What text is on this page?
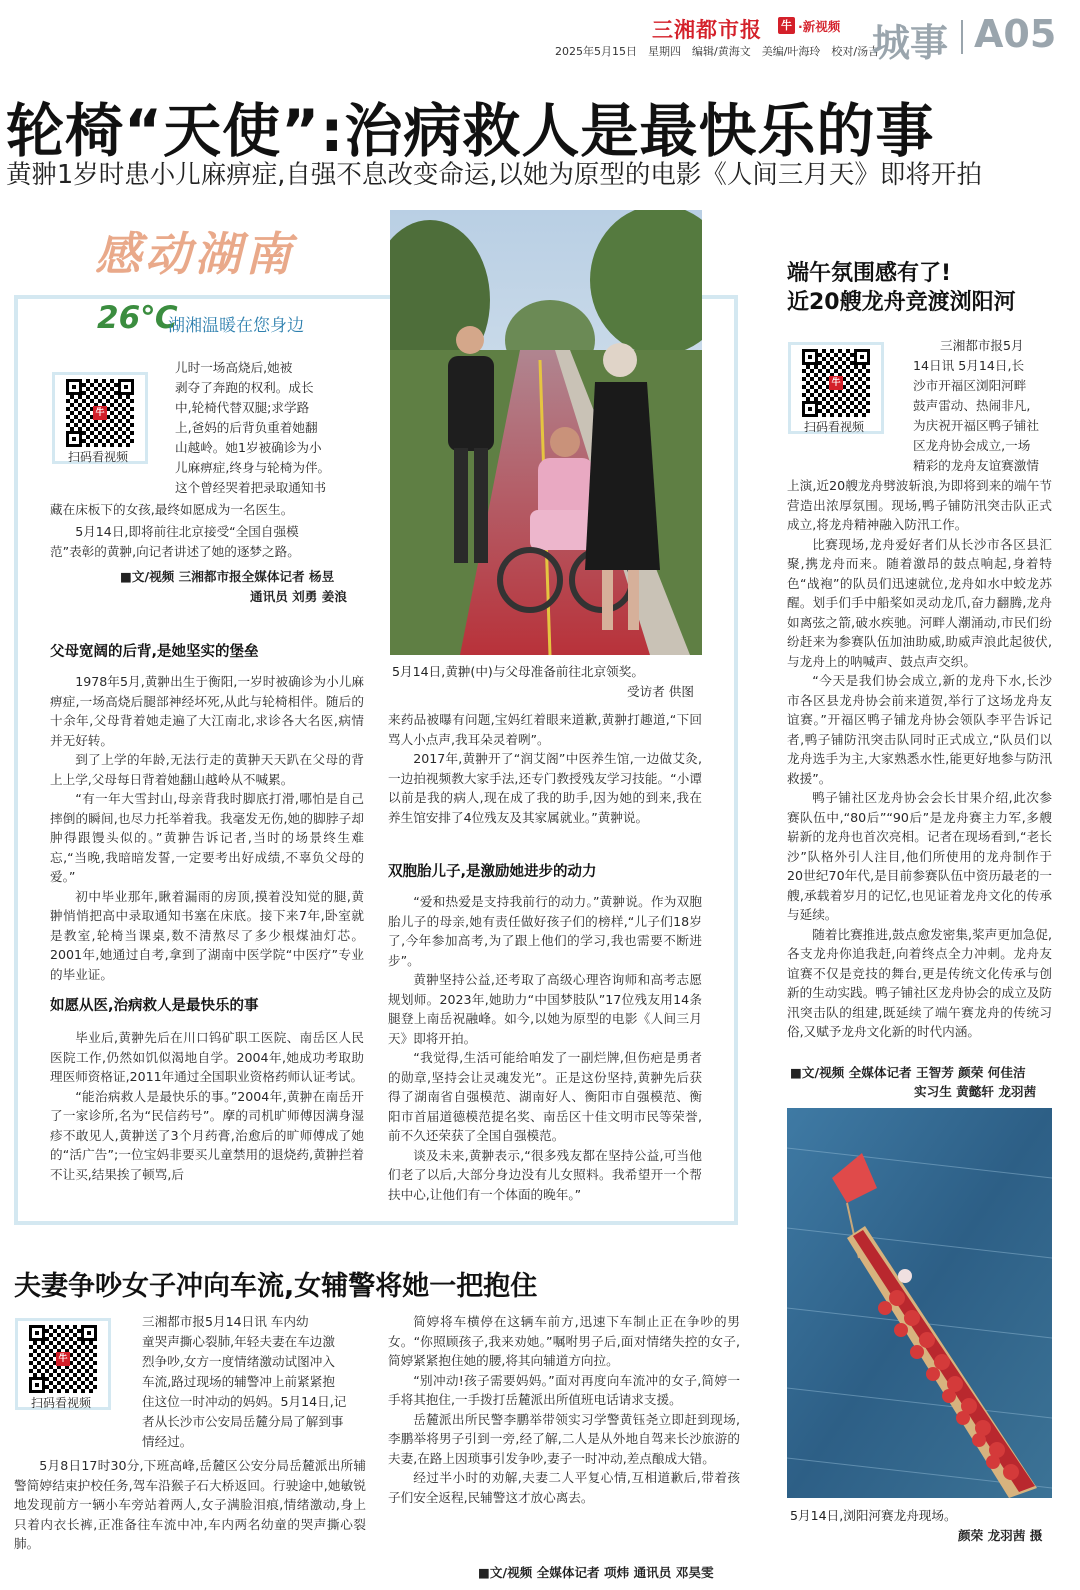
三湘都市报 牛 ·新视频
2025年5月15日　星期四　编辑/黄海文　美编/叶海玲　校对/汤吉
城事 A05
轮椅“天使”:治病救人是最快乐的事
黄翀1岁时患小儿麻痹症,自强不息改变命运,以她为原型的电影《人间三月天》即将开拍
感动湖南
26℃
湖湘温暖在您身边
牛
扫码看视频
儿时一场高烧后,她被
剥夺了奔跑的权利。成长
中,轮椅代替双腿;求学路
上,爸妈的后背负重着她翻
山越岭。她1岁被确诊为小
儿麻痹症,终身与轮椅为伴。
这个曾经哭着把录取通知书
藏在床板下的女孩,最终如愿成为一名医生。
5月14日,即将前往北京接受“全国自强模
范”表彰的黄翀,向记者讲述了她的逐梦之路。
■文/视频 三湘都市报全媒体记者 杨昱
通讯员 刘勇 姜浪
5月14日,黄翀(中)与父母准备前往北京领奖。
受访者 供图
父母宽阔的后背,是她坚实的堡垒

1978年5月,黄翀出生于衡阳,一岁时被确诊为小儿麻痹症,一场高烧后腿部神经坏死,从此与轮椅相伴。随后的十余年,父母背着她走遍了大江南北,求诊各大名医,病情并无好转。

到了上学的年龄,无法行走的黄翀天天趴在父母的背上上学,父母每日背着她翻山越岭从不喊累。

“有一年大雪封山,母亲背我时脚底打滑,哪怕是自己摔倒的瞬间,也尽力托举着我。我毫发无伤,她的脚脖子却肿得跟馒头似的。”黄翀告诉记者,当时的场景终生难忘,“当晚,我暗暗发誓,一定要考出好成绩,不辜负父母的爱。”

初中毕业那年,瞅着漏雨的房顶,摸着没知觉的腿,黄翀悄悄把高中录取通知书塞在床底。接下来7年,卧室就是教室,轮椅当课桌,数不清熬尽了多少根煤油灯芯。2001年,她通过自考,拿到了湖南中医学院“中医疗”专业的毕业证。

如愿从医,治病救人是最快乐的事

毕业后,黄翀先后在川口钨矿职工医院、南岳区人民医院工作,仍然如饥似渴地自学。2004年,她成功考取助理医师资格证,2011年通过全国职业资格药师认证考试。

“能治病救人是最快乐的事。”2004年,黄翀在南岳开了一家诊所,名为“民信药号”。摩的司机旷师傅因满身湿疹不敢见人,黄翀送了3个月药膏,治愈后的旷师傅成了她的“活广告”;一位宝妈非要买儿童禁用的退烧药,黄翀拦着不让买,结果挨了顿骂,后

来药品被曝有问题,宝妈红着眼来道歉,黄翀打趣道,“下回骂人小点声,我耳朵灵着咧”。

2017年,黄翀开了“润艾阁”中医养生馆,一边做艾灸,一边拍视频教大家手法,还专门教授残友学习技能。“小谭以前是我的病人,现在成了我的助手,因为她的到来,我在养生馆安排了4位残友及其家属就业。”黄翀说。

双胞胎儿子,是激励她进步的动力

“爱和热爱是支持我前行的动力。”黄翀说。作为双胞胎儿子的母亲,她有责任做好孩子们的榜样,“儿子们18岁了,今年参加高考,为了跟上他们的学习,我也需要不断进步”。

黄翀坚持公益,还考取了高级心理咨询师和高考志愿规划师。2023年,她助力“中国梦肢队”17位残友用14条腿登上南岳祝融峰。如今,以她为原型的电影《人间三月天》即将开拍。

“我觉得,生活可能给咱发了一副烂牌,但伤疤是勇者的勋章,坚持会让灵魂发光”。正是这份坚持,黄翀先后获得了湖南省自强模范、湖南好人、衡阳市自强模范、衡阳市首届道德模范提名奖、南岳区十佳文明市民等荣誉,前不久还荣获了全国自强模范。

谈及未来,黄翀表示,“很多残友都在坚持公益,可当他们老了以后,大部分身边没有儿女照料。我希望开一个帮扶中心,让他们有一个体面的晚年。”

端午氛围感有了!
近20艘龙舟竞渡浏阳河
牛
扫码看视频
三湘都市报5月
14日讯 5月14日,长
沙市开福区浏阳河畔
鼓声雷动、热闹非凡,
为庆祝开福区鸭子铺社
区龙舟协会成立,一场
精彩的龙舟友谊赛激情

上演,近20艘龙舟劈波斩浪,为即将到来的端午节营造出浓厚氛围。现场,鸭子铺防汛突击队正式成立,将龙舟精神融入防汛工作。

比赛现场,龙舟爱好者们从长沙市各区县汇聚,携龙舟而来。随着激昂的鼓点响起,身着特色“战袍”的队员们迅速就位,龙舟如水中蛟龙苏醒。划手们手中船桨如灵动龙爪,奋力翻腾,龙舟如离弦之箭,破水疾驰。河畔人潮涌动,市民们纷纷赶来为参赛队伍加油助威,助威声浪此起彼伏,与龙舟上的呐喊声、鼓点声交织。

“今天是我们协会成立,新的龙舟下水,长沙市各区县龙舟协会前来道贺,举行了这场龙舟友谊赛。”开福区鸭子铺龙舟协会领队李平告诉记者,鸭子铺防汛突击队同时正式成立,“队员们以龙舟选手为主,大家熟悉水性,能更好地参与防汛救援”。

鸭子铺社区龙舟协会会长甘果介绍,此次参赛队伍中,“80后”“90后”是龙舟赛主力军,多艘崭新的龙舟也首次亮相。记者在现场看到,“老长沙”队格外引人注目,他们所使用的龙舟制作于20世纪70年代,是目前参赛队伍中资历最老的一艘,承载着岁月的记忆,也见证着龙舟文化的传承与延续。

随着比赛推进,鼓点愈发密集,桨声更加急促,各支龙舟你追我赶,向着终点全力冲刺。龙舟友谊赛不仅是竞技的舞台,更是传统文化传承与创新的生动实践。鸭子铺社区龙舟协会的成立及防汛突击队的组建,既延续了端午赛龙舟的传统习俗,又赋予龙舟文化新的时代内涵。

■文/视频 全媒体记者 王智芳 颜荣 何佳洁
实习生 黄懿轩 龙羽茜
5月14日,浏阳河赛龙舟现场。
颜荣 龙羽茜 摄
夫妻争吵女子冲向车流,女辅警将她一把抱住
牛
扫码看视频
三湘都市报5月14日讯 车内幼
童哭声撕心裂肺,年轻夫妻在车边激
烈争吵,女方一度情绪激动试图冲入
车流,路过现场的辅警冲上前紧紧抱
住这位一时冲动的妈妈。5月14日,记
者从长沙市公安局岳麓分局了解到事
情经过。

5月8日17时30分,下班高峰,岳麓区公安分局岳麓派出所辅警简婷结束护校任务,驾车沿猴子石大桥返回。行驶途中,她敏锐地发现前方一辆小车旁站着两人,女子满脸泪痕,情绪激动,身上只着内衣长裤,正准备往车流中冲,车内两名幼童的哭声撕心裂肺。

简婷将车横停在这辆车前方,迅速下车制止正在争吵的男女。“你照顾孩子,我来劝她。”嘱咐男子后,面对情绪失控的女子,简婷紧紧抱住她的腰,将其向辅道方向拉。

“别冲动!孩子需要妈妈。”面对再度向车流冲的女子,简婷一手将其抱住,一手拨打岳麓派出所值班电话请求支援。

岳麓派出所民警李鹏举带领实习学警黄钰尧立即赶到现场,李鹏举将男子引到一旁,经了解,二人是从外地自驾来长沙旅游的夫妻,在路上因琐事引发争吵,妻子一时冲动,差点酿成大错。

经过半小时的劝解,夫妻二人平复心情,互相道歉后,带着孩子们安全返程,民辅警这才放心离去。

■文/视频 全媒体记者 项炜 通讯员 邓昊雯
